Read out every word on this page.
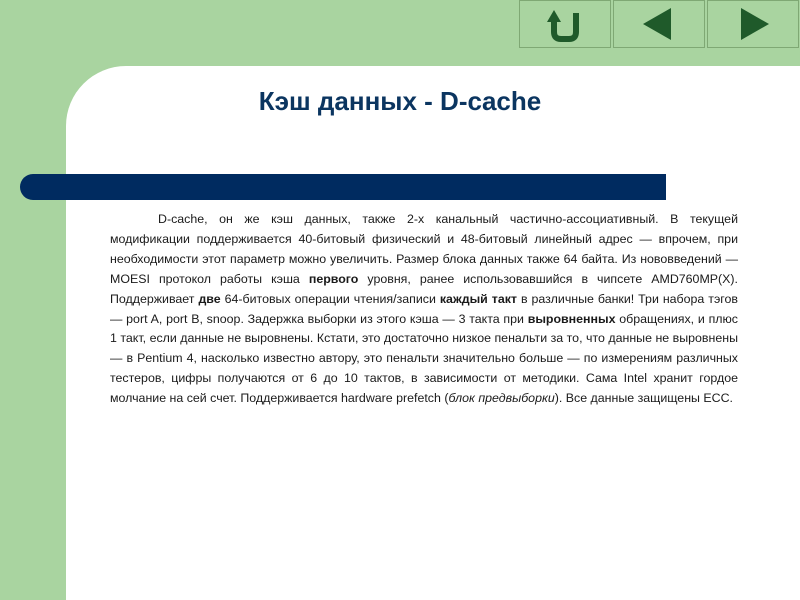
Кэш данных - D-cache

D-cache, он же кэш данных, также 2-х канальный частично-ассоциативный. В текущей модификации поддерживается 40-битовый физический и 48-битовый линейный адрес — впрочем, при необходимости этот параметр можно увеличить. Размер блока данных также 64 байта. Из нововведений — MOESI протокол работы кэша первого уровня, ранее использовавшийся в чипсете AMD760MP(X). Поддерживает две 64-битовых операции чтения/записи каждый такт в различные банки! Три набора тэгов — port A, port B, snoop. Задержка выборки из этого кэша — 3 такта при выровненных обращениях, и плюс 1 такт, если данные не выровнены. Кстати, это достаточно низкое пенальти за то, что данные не выровнены — в Pentium 4, насколько известно автору, это пенальти значительно больше — по измерениям различных тестеров, цифры получаются от 6 до 10 тактов, в зависимости от методики. Сама Intel хранит гордое молчание на сей счет. Поддерживается hardware prefetch (блок предвыборки). Все данные защищены ECC.
